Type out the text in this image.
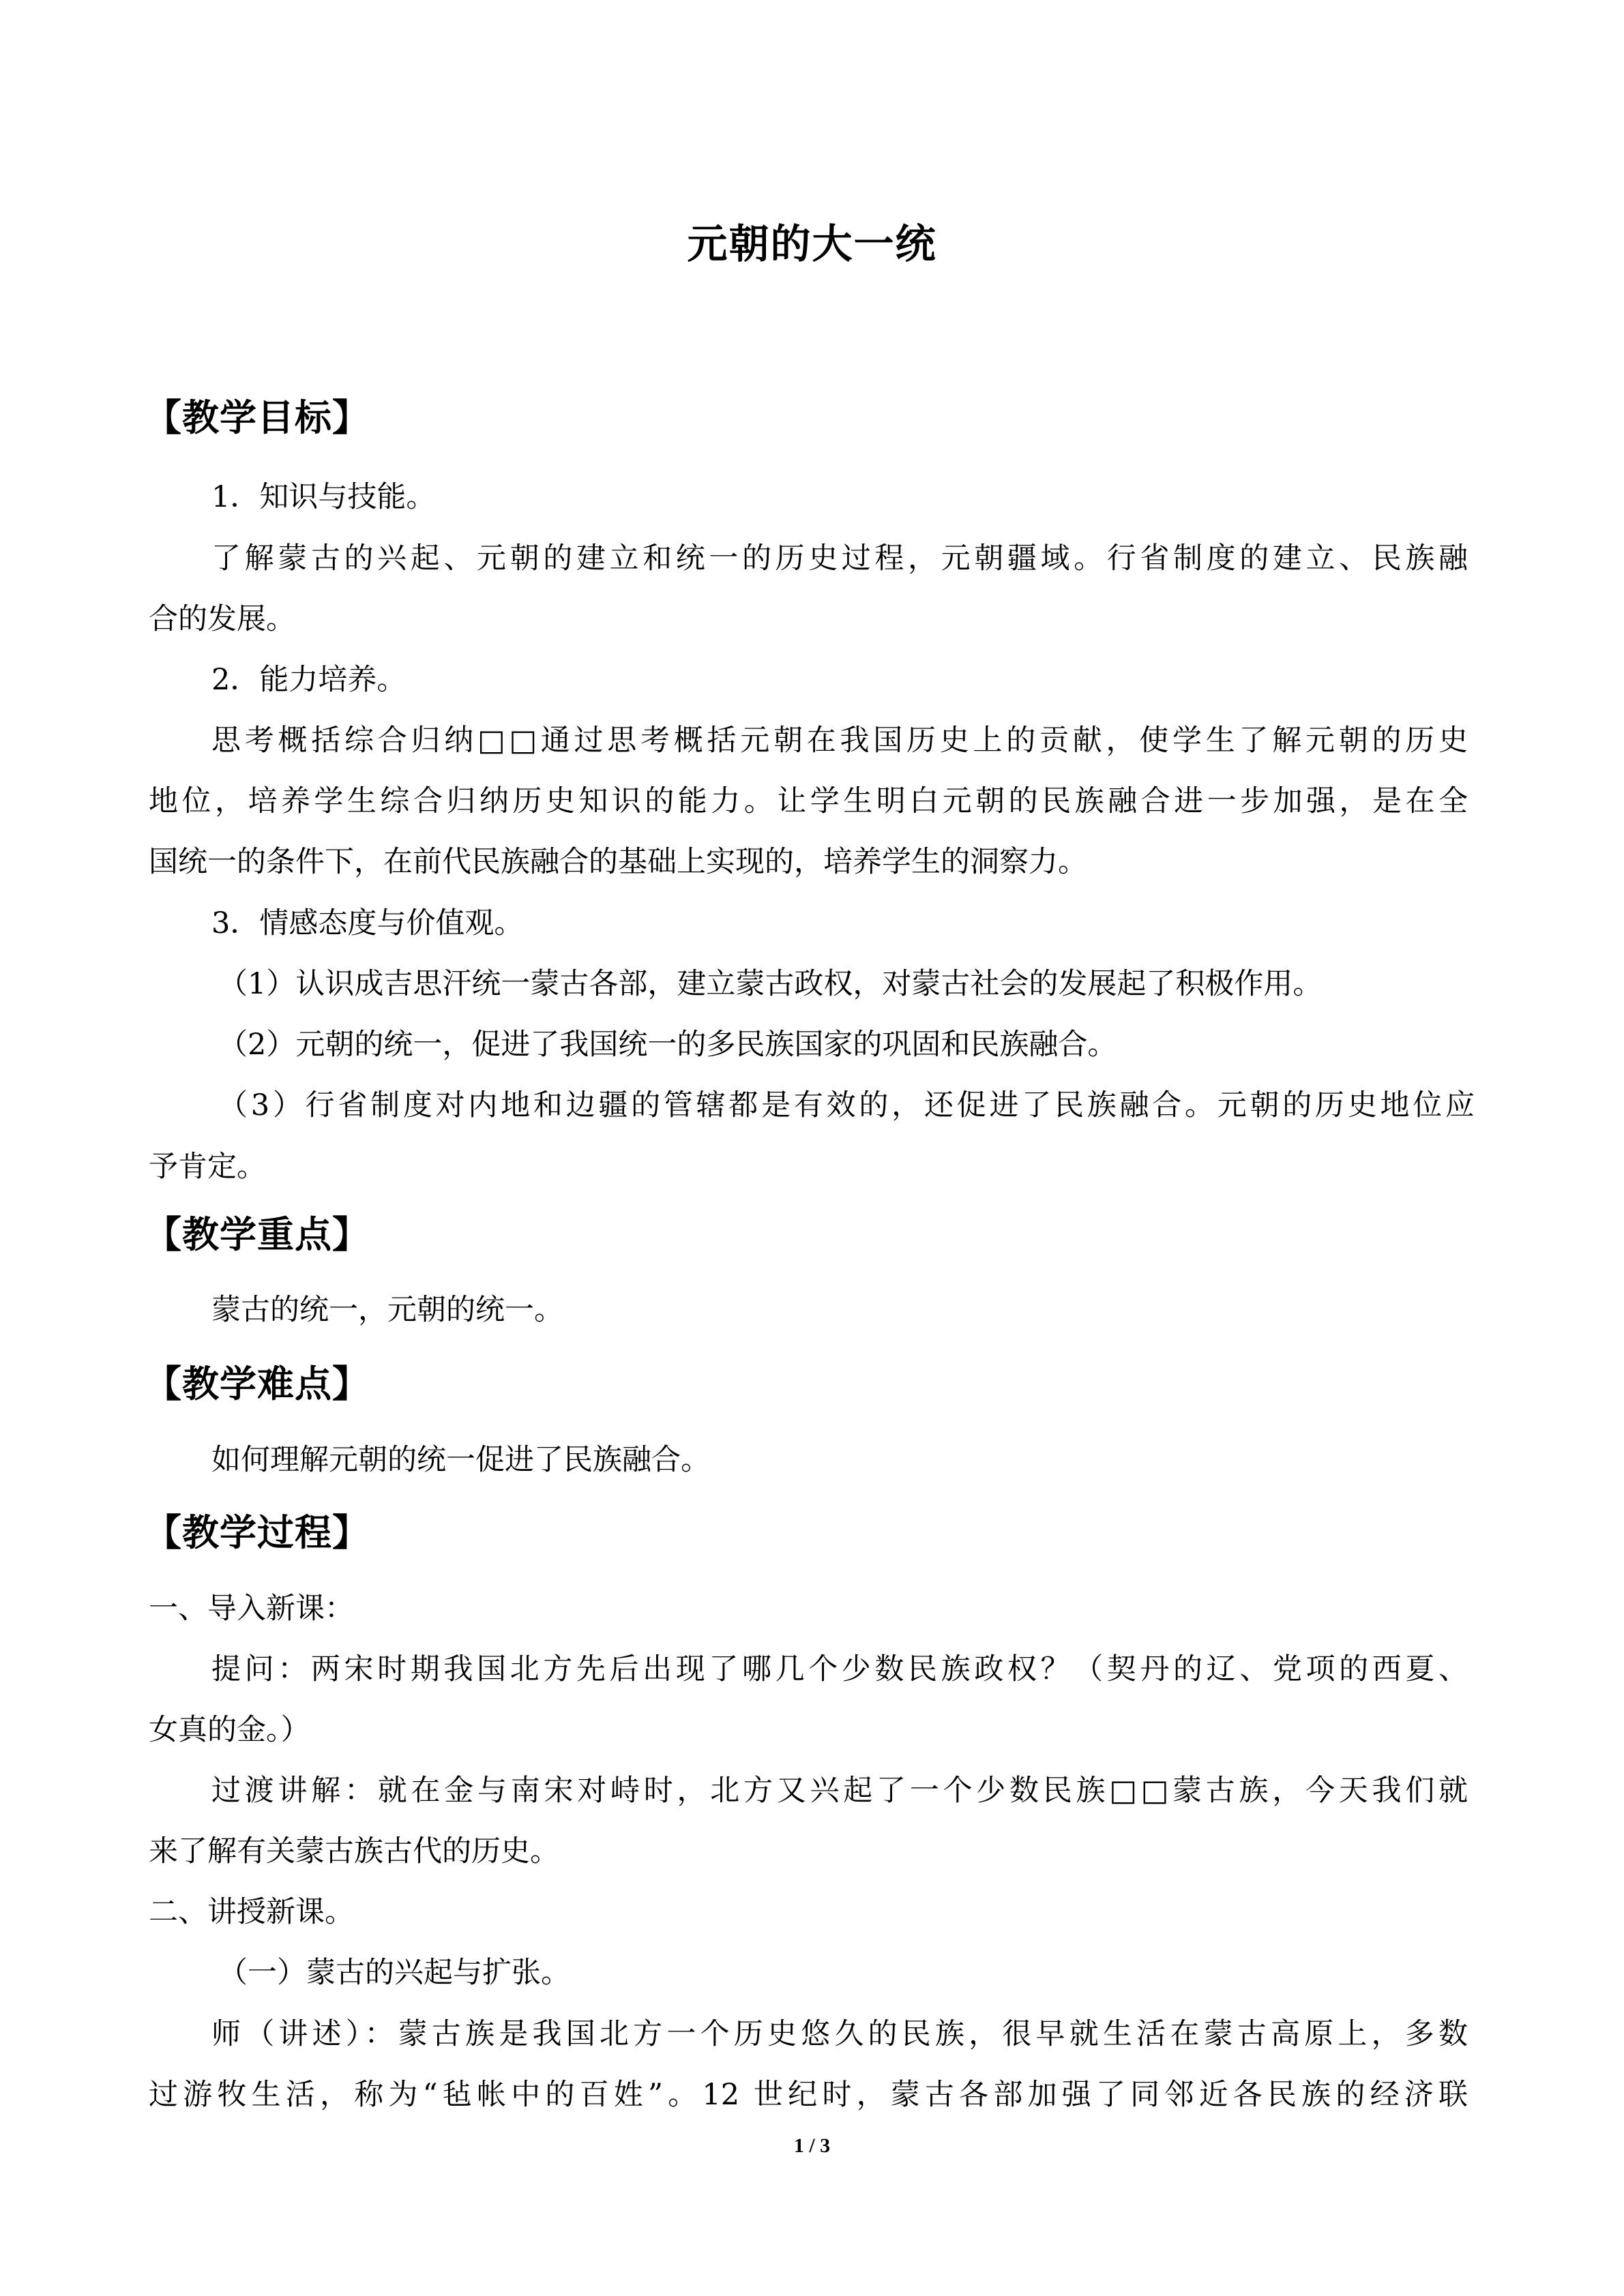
元朝的大一统
【教学目标】
1．知识与技能。
了解蒙古的兴起、元朝的建立和统一的历史过程，元朝疆域。行省制度的建立、民族融
合的发展。
2．能力培养。
思考概括综合归纳□□通过思考概括元朝在我国历史上的贡献，使学生了解元朝的历史
地位，培养学生综合归纳历史知识的能力。让学生明白元朝的民族融合进一步加强，是在全
国统一的条件下，在前代民族融合的基础上实现的，培养学生的洞察力。
3．情感态度与价值观。
（1）认识成吉思汗统一蒙古各部，建立蒙古政权，对蒙古社会的发展起了积极作用。
（2）元朝的统一，促进了我国统一的多民族国家的巩固和民族融合。
（3）行省制度对内地和边疆的管辖都是有效的，还促进了民族融合。元朝的历史地位应
予肯定。
【教学重点】
蒙古的统一，元朝的统一。
【教学难点】
如何理解元朝的统一促进了民族融合。
【教学过程】
一、导入新课：
提问：两宋时期我国北方先后出现了哪几个少数民族政权？（契丹的辽、党项的西夏、
女真的金。）
过渡讲解：就在金与南宋对峙时，北方又兴起了一个少数民族□□蒙古族，今天我们就
来了解有关蒙古族古代的历史。
二、讲授新课。
（一）蒙古的兴起与扩张。
师（讲述）：蒙古族是我国北方一个历史悠久的民族，很早就生活在蒙古高原上，多数
过游牧生活，称为“毡帐中的百姓”。12 世纪时，蒙古各部加强了同邻近各民族的经济联
1 / 3
